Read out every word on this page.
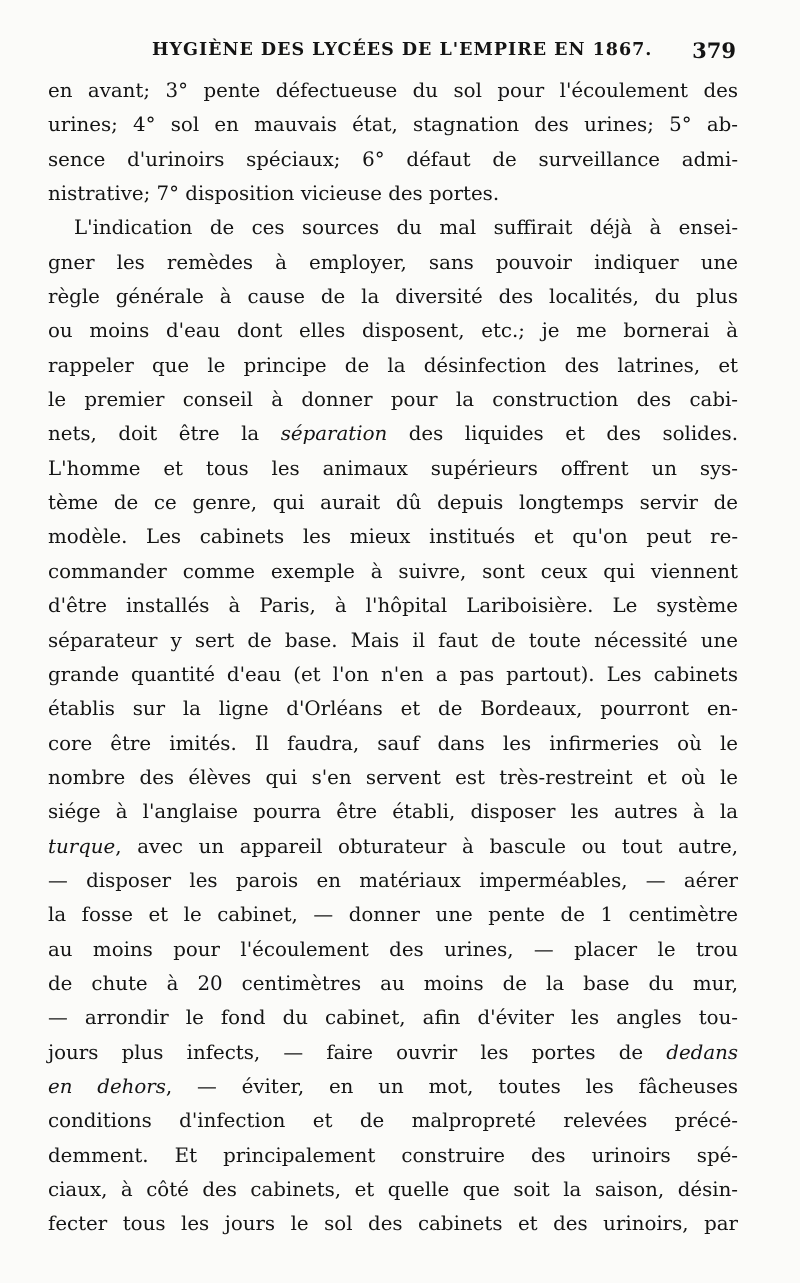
HYGIÈNE DES LYCÉES DE L'EMPIRE EN 1867. 379
en avant; 3° pente défectueuse du sol pour l'écoulement des
urines; 4° sol en mauvais état, stagnation des urines; 5° ab-
sence d'urinoirs spéciaux; 6° défaut de surveillance admi-
nistrative; 7° disposition vicieuse des portes.
L'indication de ces sources du mal suffirait déjà à ensei-
gner les remèdes à employer, sans pouvoir indiquer une
règle générale à cause de la diversité des localités, du plus
ou moins d'eau dont elles disposent, etc.; je me bornerai à
rappeler que le principe de la désinfection des latrines, et
le premier conseil à donner pour la construction des cabi-
nets, doit être la séparation des liquides et des solides.
L'homme et tous les animaux supérieurs offrent un sys-
tème de ce genre, qui aurait dû depuis longtemps servir de
modèle. Les cabinets les mieux institués et qu'on peut re-
commander comme exemple à suivre, sont ceux qui viennent
d'être installés à Paris, à l'hôpital Lariboisière. Le système
séparateur y sert de base. Mais il faut de toute nécessité une
grande quantité d'eau (et l'on n'en a pas partout). Les cabinets
établis sur la ligne d'Orléans et de Bordeaux, pourront en-
core être imités. Il faudra, sauf dans les infirmeries où le
nombre des élèves qui s'en servent est très-restreint et où le
siége à l'anglaise pourra être établi, disposer les autres à la
turque, avec un appareil obturateur à bascule ou tout autre,
— disposer les parois en matériaux imperméables, — aérer
la fosse et le cabinet, — donner une pente de 1 centimètre
au moins pour l'écoulement des urines, — placer le trou
de chute à 20 centimètres au moins de la base du mur,
— arrondir le fond du cabinet, afin d'éviter les angles tou-
jours plus infects, — faire ouvrir les portes de dedans
en dehors, — éviter, en un mot, toutes les fâcheuses
conditions d'infection et de malpropreté relevées précé-
demment. Et principalement construire des urinoirs spé-
ciaux, à côté des cabinets, et quelle que soit la saison, désin-
fecter tous les jours le sol des cabinets et des urinoirs, par
